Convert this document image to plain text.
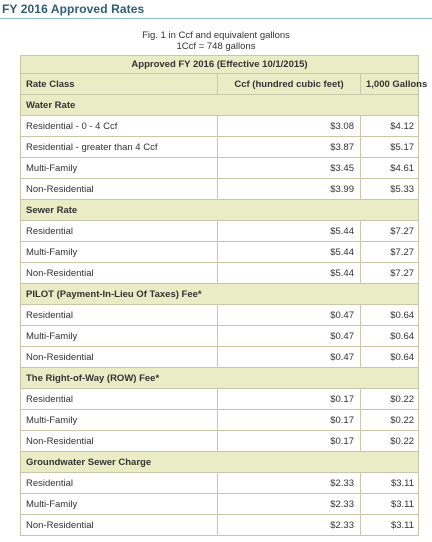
FY 2016 Approved Rates
Fig. 1 in Ccf and equivalent gallons
1Ccf = 748 gallons
Approved FY 2016 (Effective 10/1/2015)		
Rate Class	Ccf (hundred cubic feet)	1,000 Gallons
Water Rate		
Residential - 0 - 4 Ccf	$3.08	$4.12
Residential - greater than 4 Ccf	$3.87	$5.17
Multi-Family	$3.45	$4.61
Non-Residential	$3.99	$5.33
Sewer Rate		
Residential	$5.44	$7.27
Multi-Family	$5.44	$7.27
Non-Residential	$5.44	$7.27
PILOT (Payment-In-Lieu Of Taxes) Fee*		
Residential	$0.47	$0.64
Multi-Family	$0.47	$0.64
Non-Residential	$0.47	$0.64
The Right-of-Way (ROW) Fee*		
Residential	$0.17	$0.22
Multi-Family	$0.17	$0.22
Non-Residential	$0.17	$0.22
Groundwater Sewer Charge		
Residential	$2.33	$3.11
Multi-Family	$2.33	$3.11
Non-Residential	$2.33	$3.11
